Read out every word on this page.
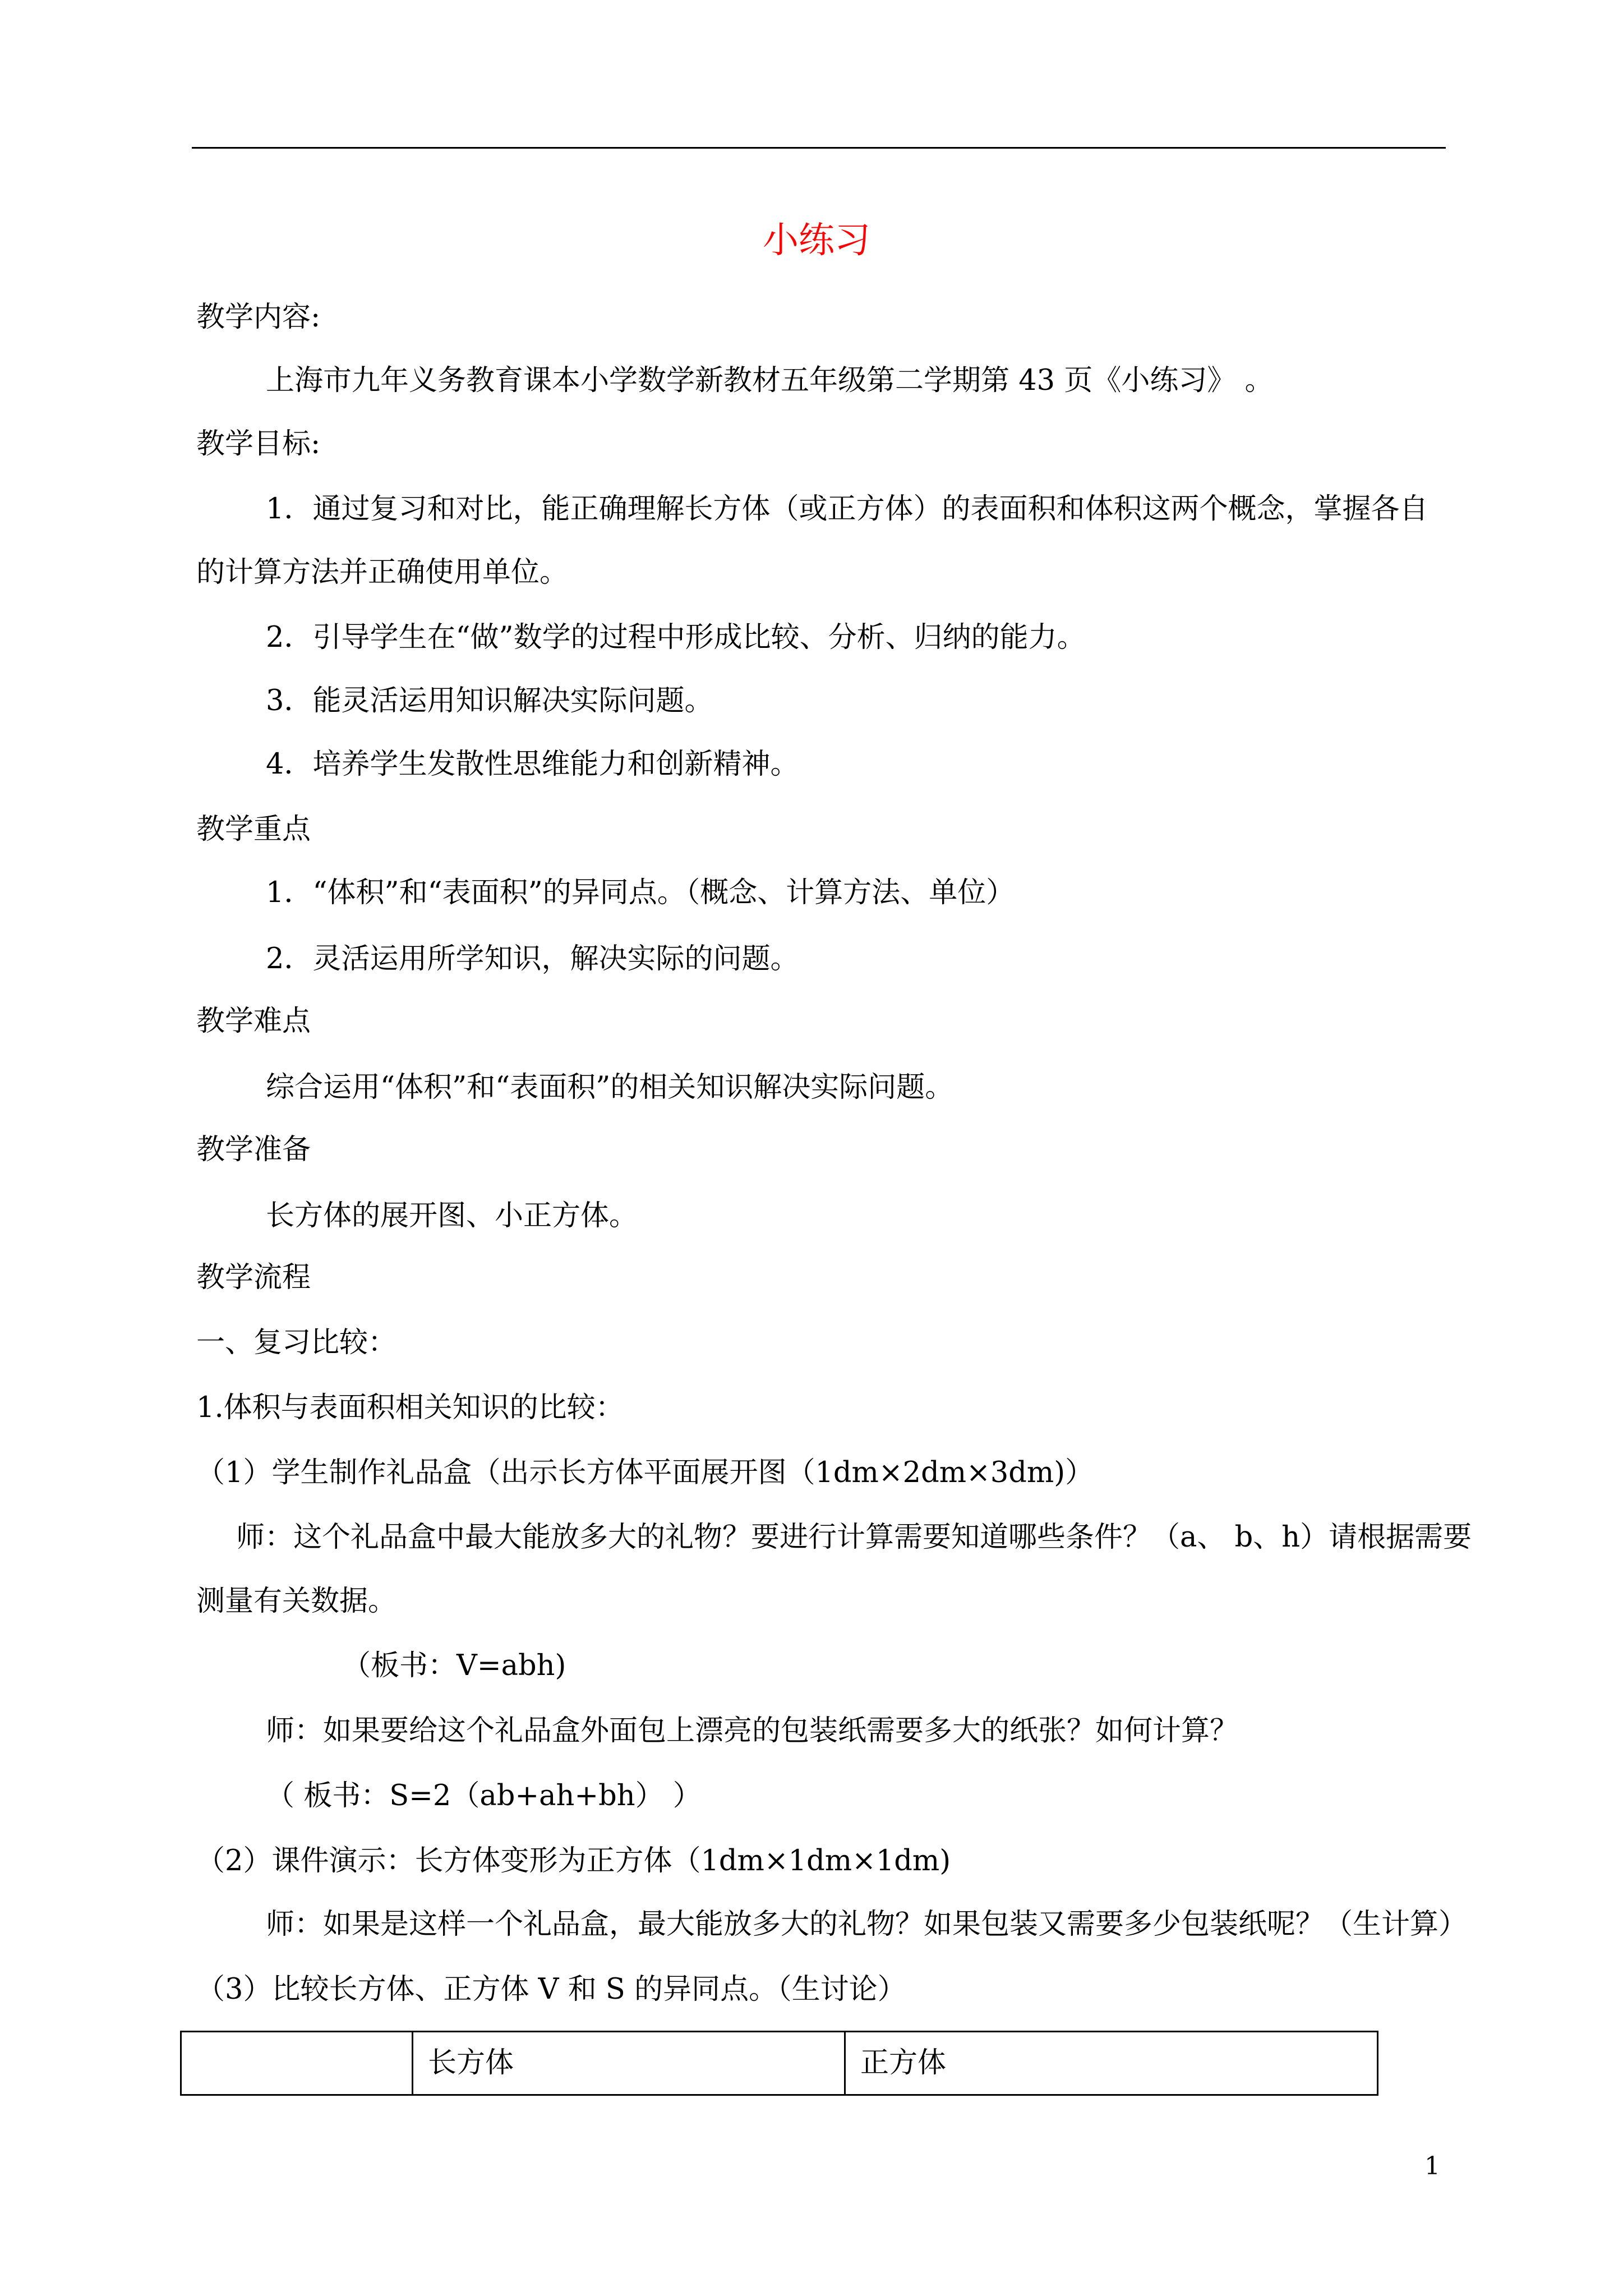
小练习
教学内容:
上海市九年义务教育课本小学数学新教材五年级第二学期第 43 页《小练习》 。
教学目标:
1．通过复习和对比，能正确理解长方体（或正方体）的表面积和体积这两个概念，掌握各自
的计算方法并正确使用单位。
2．引导学生在“做”数学的过程中形成比较、分析、归纳的能力。
3．能灵活运用知识解决实际问题。
4．培养学生发散性思维能力和创新精神。
教学重点
1．“体积”和“表面积”的异同点。（概念、计算方法、单位）
2．灵活运用所学知识，解决实际的问题。
教学难点
综合运用“体积”和“表面积”的相关知识解决实际问题。
教学准备
长方体的展开图、小正方体。
教学流程
一、复习比较：
1.体积与表面积相关知识的比较：
（1）学生制作礼品盒（出示长方体平面展开图（1dm×2dm×3dm)）
师：这个礼品盒中最大能放多大的礼物？要进行计算需要知道哪些条件？（a、 b、h）请根据需要
测量有关数据。
（板书：V=abh)
师：如果要给这个礼品盒外面包上漂亮的包装纸需要多大的纸张？如何计算？
（ 板书：S=2（ab+ah+bh） ）
（2）课件演示：长方体变形为正方体（1dm×1dm×1dm)
师：如果是这样一个礼品盒，最大能放多大的礼物？如果包装又需要多少包装纸呢？（生计算）
（3）比较长方体、正方体 V 和 S 的异同点。（生讨论）
	长方体	正方体
1
